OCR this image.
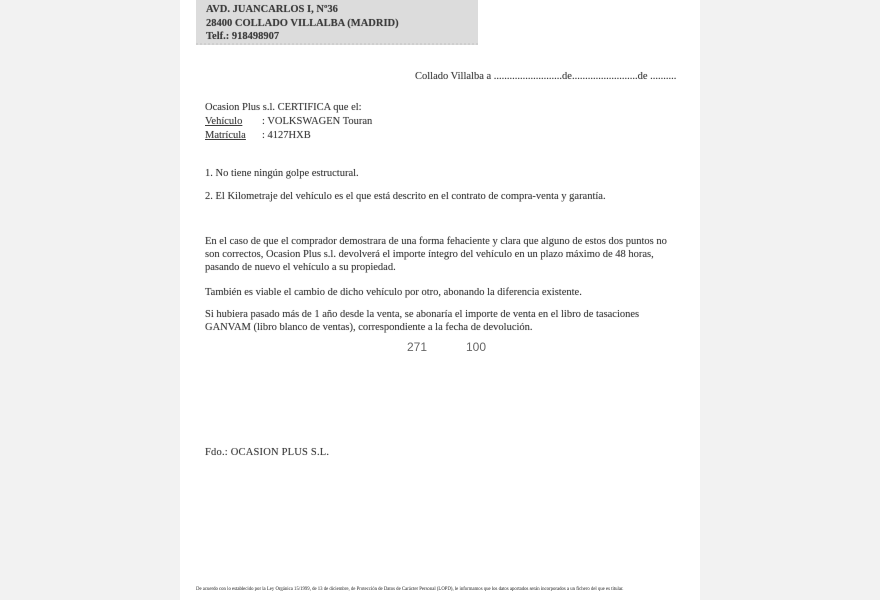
AVD. JUANCARLOS I, Nº36
28400 COLLADO VILLALBA (MADRID)
Telf.: 918498907
Collado Villalba a ..........................de.........................de ..........
Ocasion Plus s.l. CERTIFICA que el:
Vehículo : VOLKSWAGEN Touran
Matrícula : 4127HXB
1. No tiene ningún golpe estructural.
2. El Kilometraje del vehículo es el que está descrito en el contrato de compra-venta y garantía.
En el caso de que el comprador demostrara de una forma fehaciente y clara que alguno de estos dos puntos no son correctos, Ocasion Plus s.l. devolverá el importe íntegro del vehículo en un plazo máximo de 48 horas, pasando de nuevo el vehículo a su propiedad.
También es viable el cambio de dicho vehículo por otro, abonando la diferencia existente.
Si hubiera pasado más de 1 año desde la venta, se abonaría el importe de venta en el libro de tasaciones GANVAM (libro blanco de ventas), correspondiente a la fecha de devolución.
271	100
Fdo.: OCASION PLUS S.L.
De acuerdo con lo establecido por la Ley Orgánica 15/1999, de 13 de diciembre, de Protección de Datos de Carácter Personal (LOPD), le informamos que los datos aportados serán incorporados a un fichero del que es titular.
